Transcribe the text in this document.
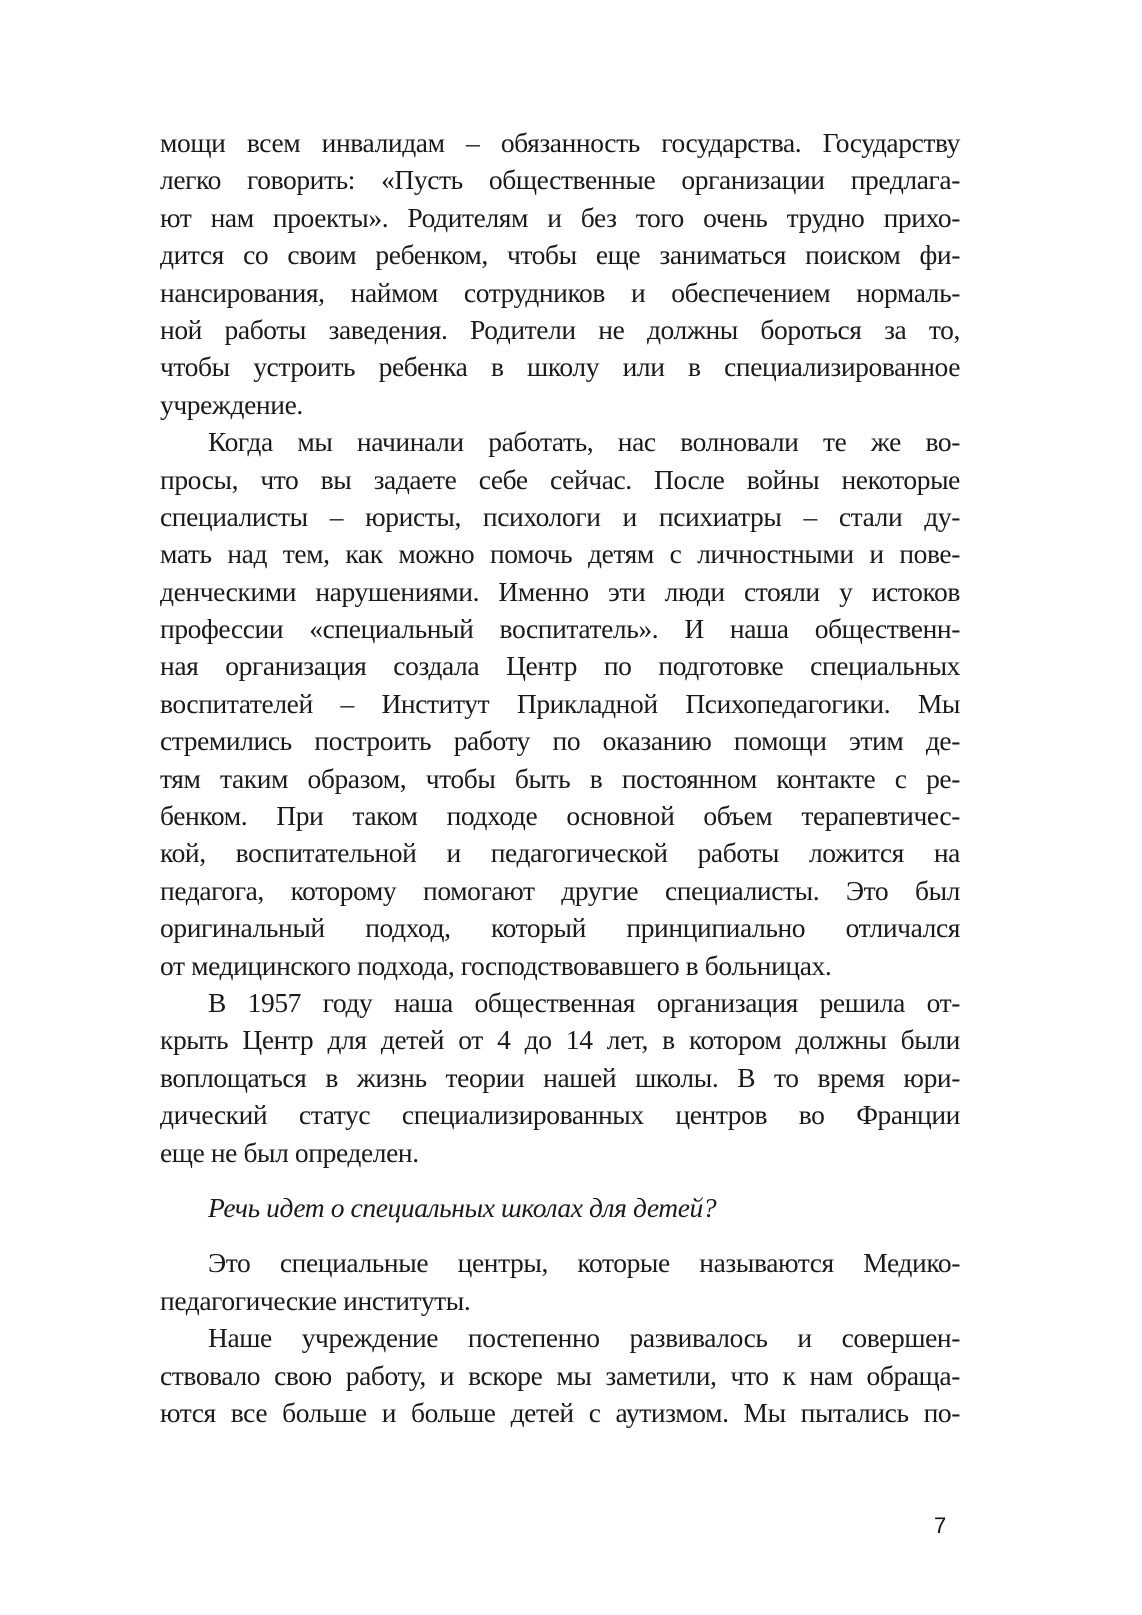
мощи всем инвалидам – обязанность государства. Государству
легко говорить: «Пусть общественные организации предлага-
ют нам проекты». Родителям и без того очень трудно прихо-
дится со своим ребенком, чтобы еще заниматься поиском фи-
нансирования, наймом сотрудников и обеспечением нормаль-
ной работы заведения. Родители не должны бороться за то,
чтобы устроить ребенка в школу или в специализированное
учреждение.
Когда мы начинали работать, нас волновали те же во-
просы, что вы задаете себе сейчас. После войны некоторые
специалисты – юристы, психологи и психиатры – стали ду-
мать над тем, как можно помочь детям с личностными и пове-
денческими нарушениями. Именно эти люди стояли у истоков
профессии «специальный воспитатель». И наша общественн-
ная организация создала Центр по подготовке специальных
воспитателей – Институт Прикладной Психопедагогики. Мы
стремились построить работу по оказанию помощи этим де-
тям таким образом, чтобы быть в постоянном контакте с ре-
бенком. При таком подходе основной объем терапевтичес-
кой, воспитательной и педагогической работы ложится на
педагога, которому помогают другие специалисты. Это был
оригинальный подход, который принципиально отличался
от медицинского подхода, господствовавшего в больницах.
В 1957 году наша общественная организация решила от-
крыть Центр для детей от 4 до 14 лет, в котором должны были
воплощаться в жизнь теории нашей школы. В то время юри-
дический статус специализированных центров во Франции
еще не был определен.
Речь идет о специальных школах для детей?
Это специальные центры, которые называются Медико-
педагогические институты.
Наше учреждение постепенно развивалось и совершен-
ствовало свою работу, и вскоре мы заметили, что к нам обраща-
ются все больше и больше детей с аутизмом. Мы пытались по-
7
